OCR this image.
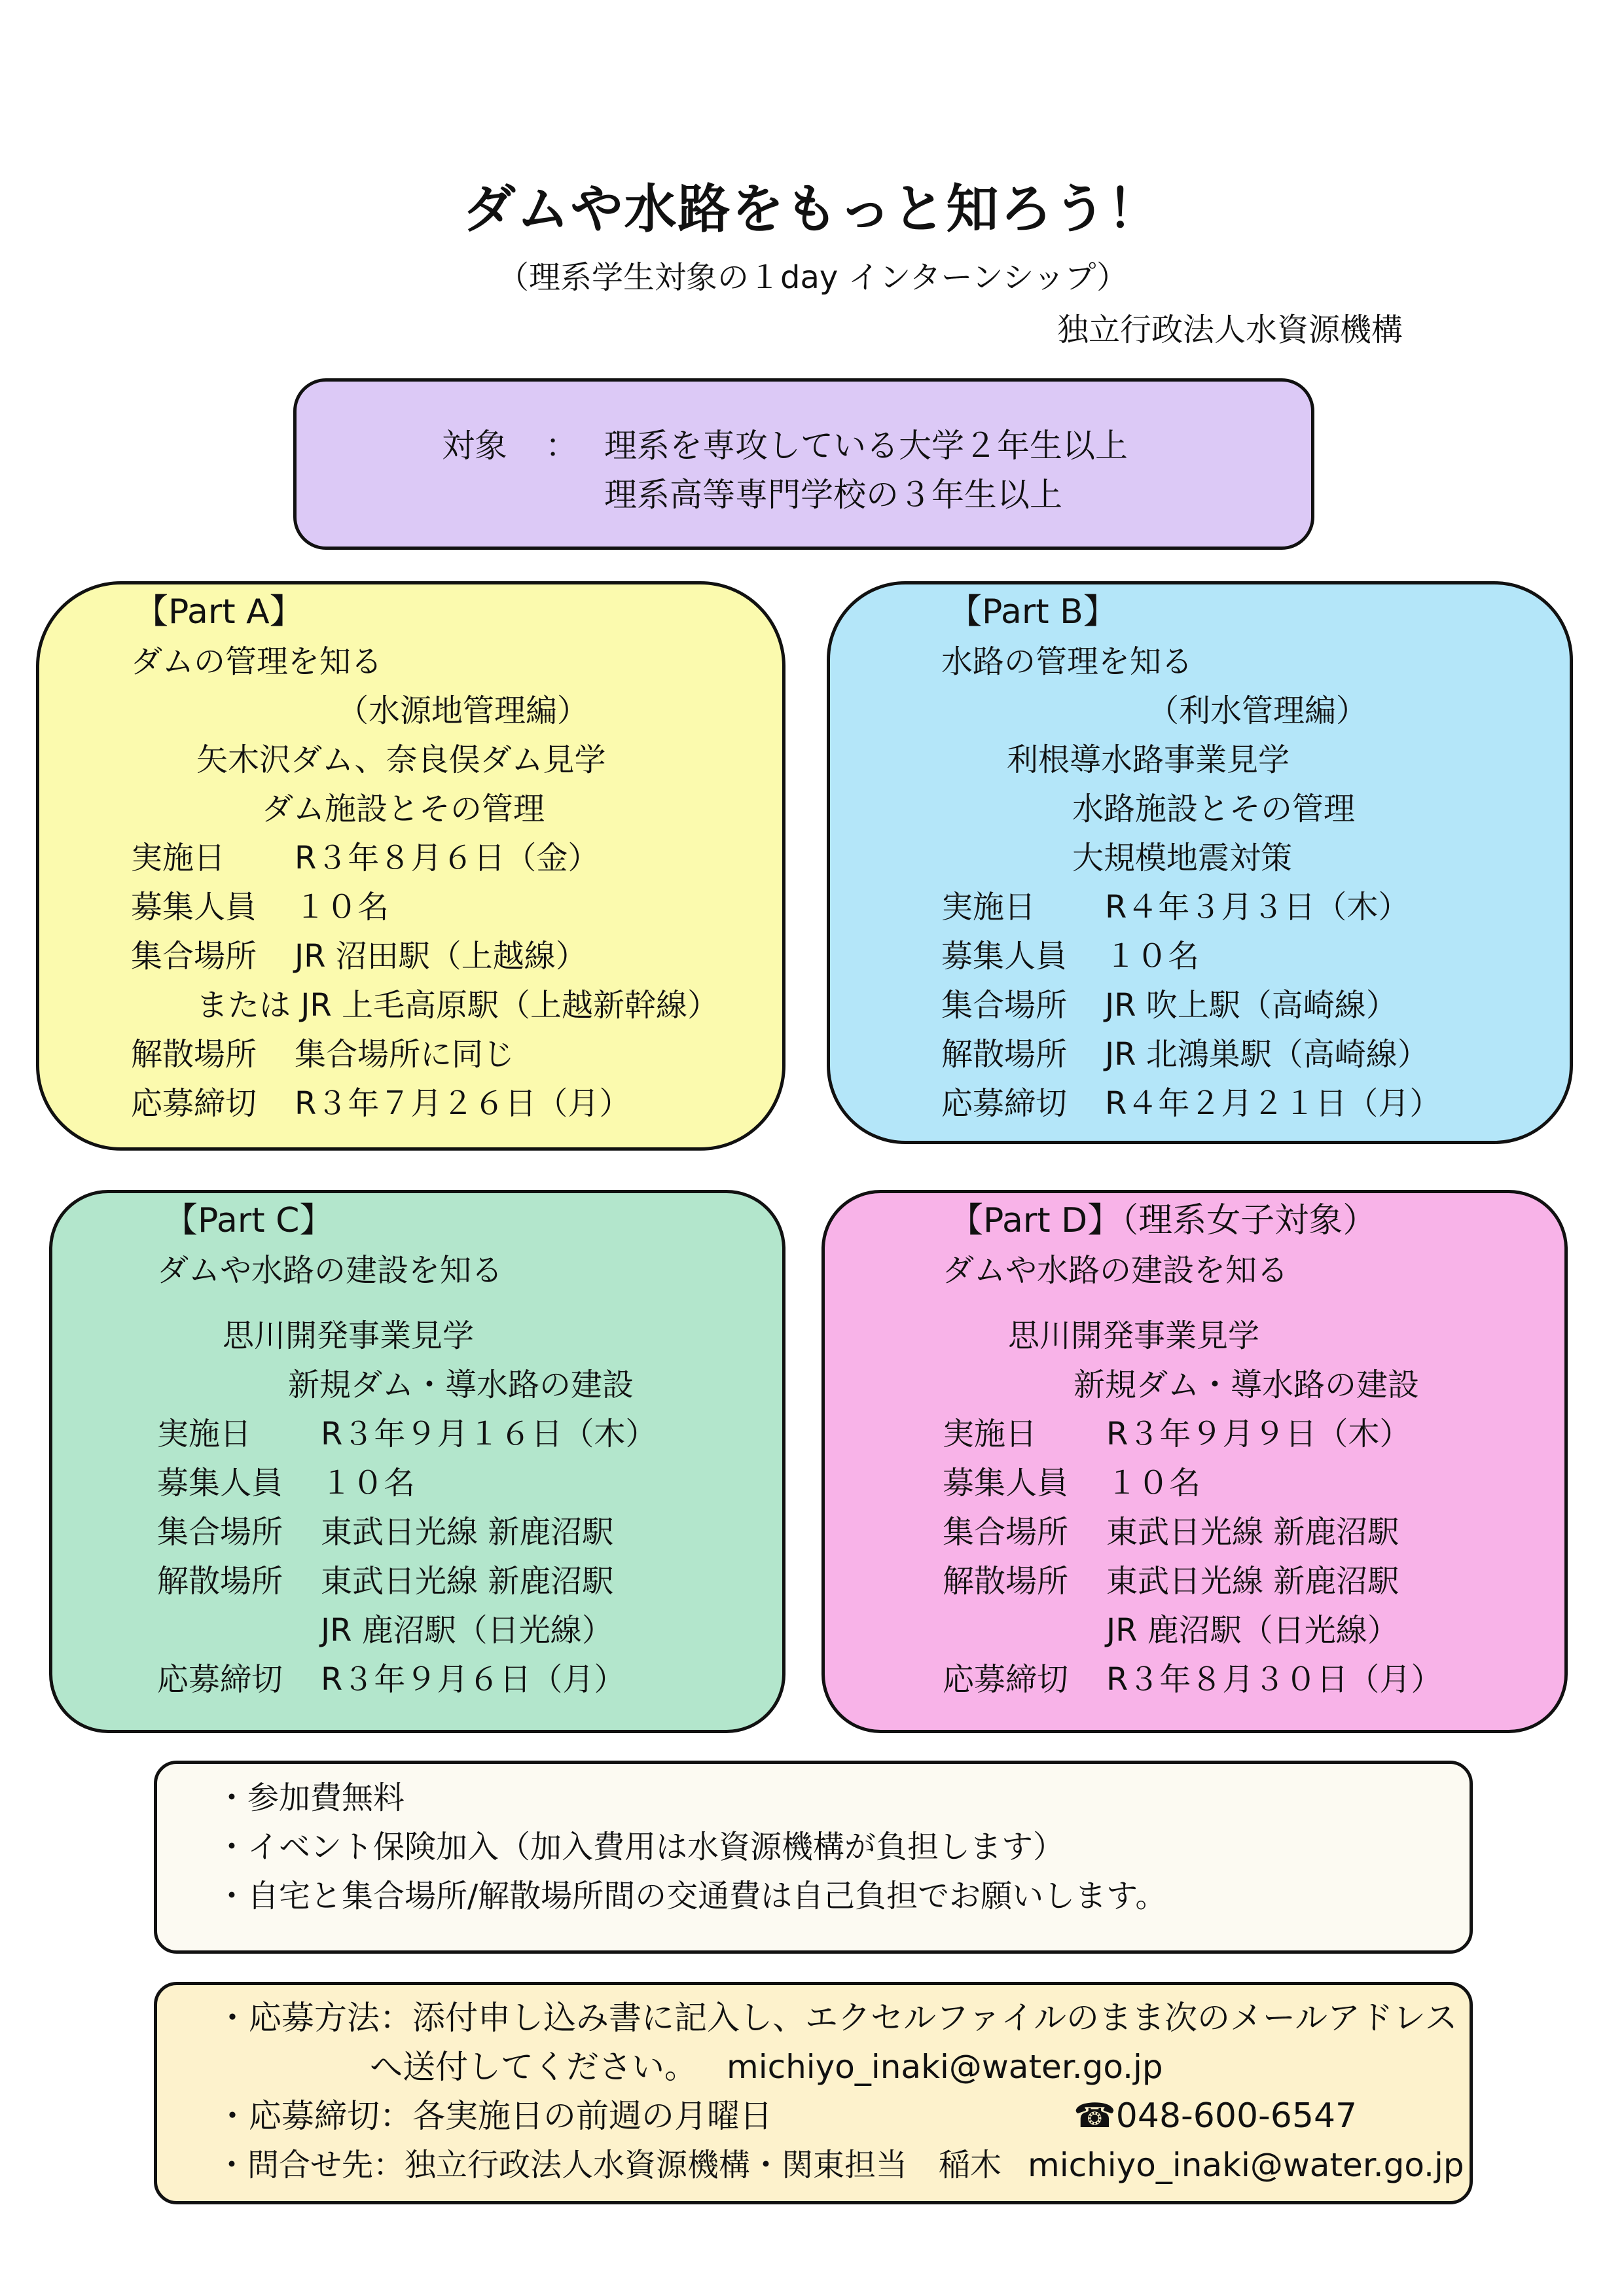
ダムや水路をもっと知ろう！
（理系学生対象の１day インターンシップ）
独立行政法人水資源機構
対象 ： 理系を専攻している大学２年生以上
理系高等専門学校の３年生以上
【Part A】
ダムの管理を知る
（水源地管理編）
矢木沢ダム、奈良俣ダム見学
ダム施設とその管理
実施日 R３年８月６日（金）
募集人員 １０名
集合場所 JR 沼田駅（上越線）
または JR 上毛高原駅（上越新幹線）
解散場所 集合場所に同じ
応募締切 R３年７月２６日（月）
【Part B】
水路の管理を知る
（利水管理編）
利根導水路事業見学
水路施設とその管理
大規模地震対策
実施日 R４年３月３日（木）
募集人員 １０名
集合場所 JR 吹上駅（高崎線）
解散場所 JR 北鴻巣駅（高崎線）
応募締切 R４年２月２１日（月）
【Part C】
ダムや水路の建設を知る
思川開発事業見学
新規ダム・導水路の建設
実施日 R３年９月１６日（木）
募集人員 １０名
集合場所 東武日光線 新鹿沼駅
解散場所 東武日光線 新鹿沼駅
JR 鹿沼駅（日光線）
応募締切 R３年９月６日（月）
【Part D】（理系女子対象）
ダムや水路の建設を知る
思川開発事業見学
新規ダム・導水路の建設
実施日 R３年９月９日（木）
募集人員 １０名
集合場所 東武日光線 新鹿沼駅
解散場所 東武日光線 新鹿沼駅
JR 鹿沼駅（日光線）
応募締切 R３年８月３０日（月）
・参加費無料
・イベント保険加入（加入費用は水資源機構が負担します）
・自宅と集合場所/解散場所間の交通費は自己負担でお願いします。
・応募方法：添付申し込み書に記入し、エクセルファイルのまま次のメールアドレス
へ送付してください。 michiyo_inaki@water.go.jp
・応募締切：各実施日の前週の月曜日	☎048-600-6547
・問合せ先：独立行政法人水資源機構・関東担当　稲木 michiyo_inaki@water.go.jp
